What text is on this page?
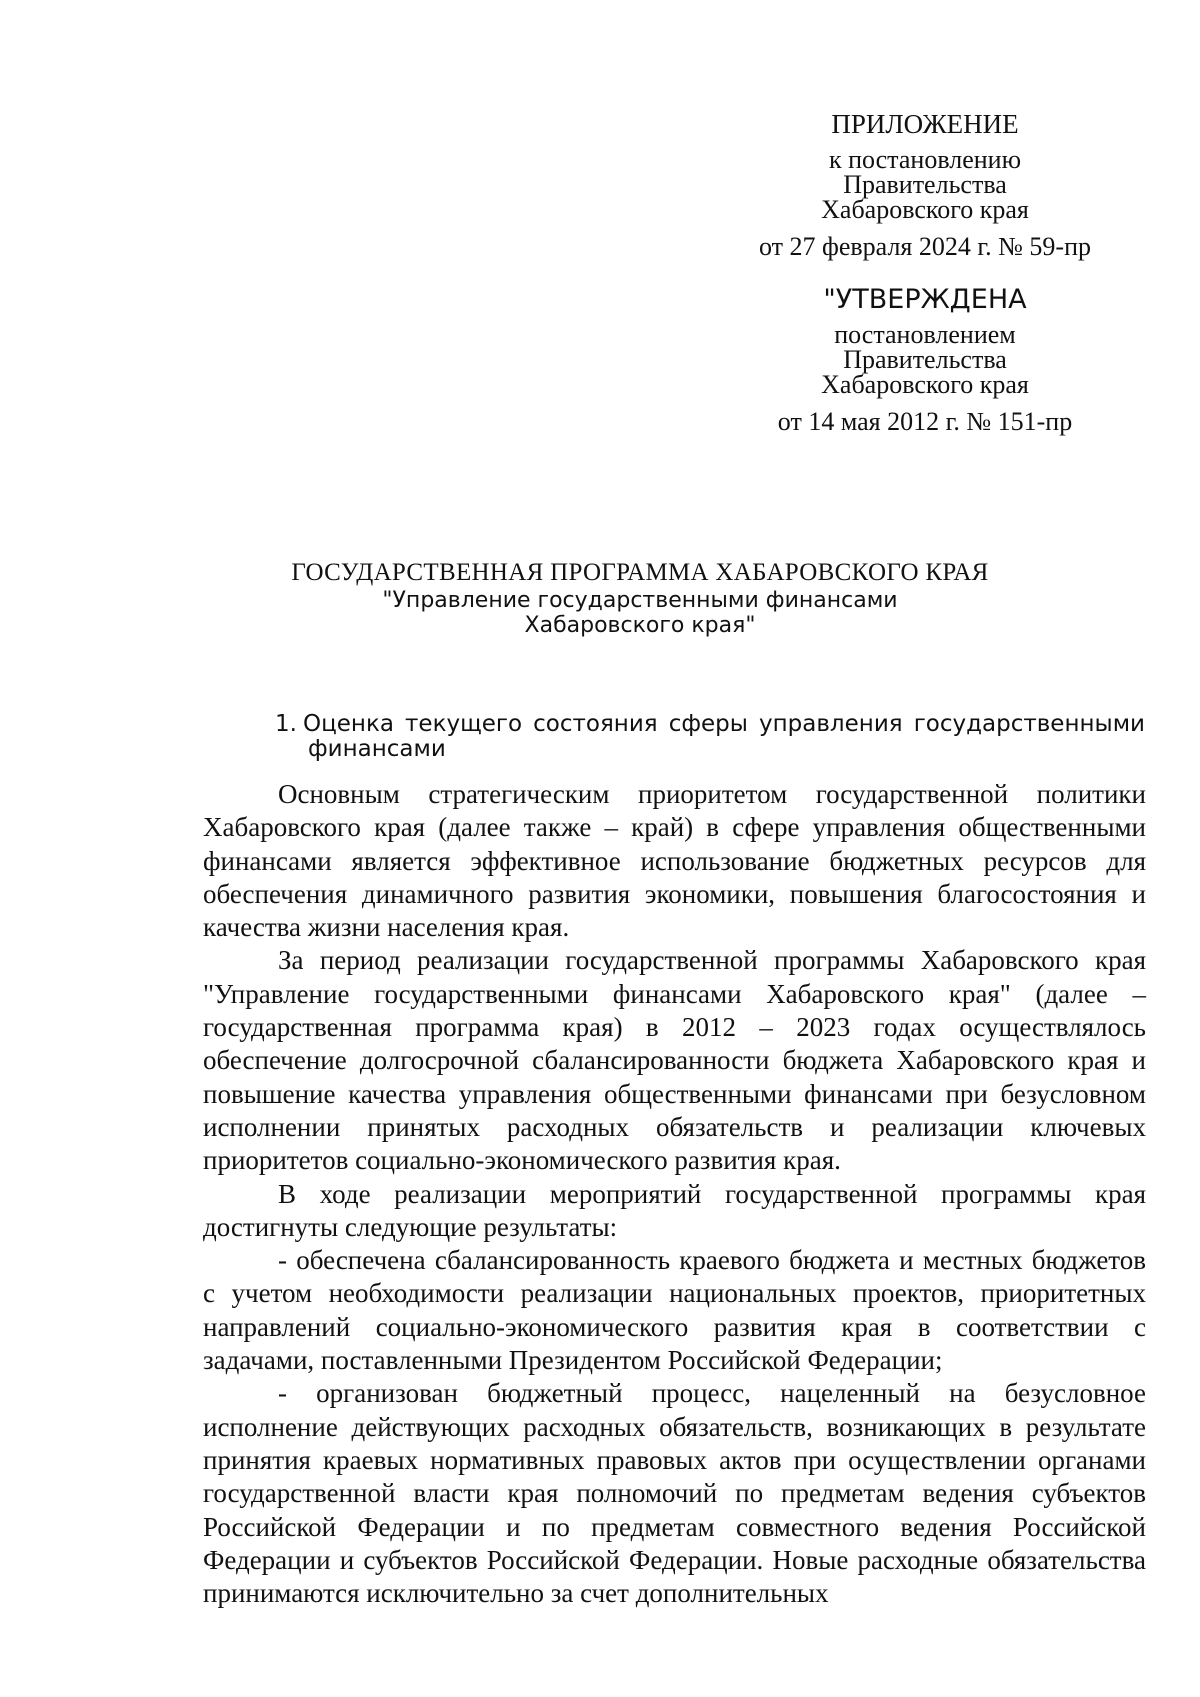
ПРИЛОЖЕНИЕ
к постановлению
Правительства
Хабаровского края
от 27 февраля 2024 г. № 59-пр
"УТВЕРЖДЕНА
постановлением
Правительства
Хабаровского края
от 14 мая 2012 г. № 151-пр
ГОСУДАРСТВЕННАЯ ПРОГРАММА ХАБАРОВСКОГО КРАЯ
"Управление государственными финансами
Хабаровского края"
1. Оценка текущего состояния сферы управления государственными
финансами

Основным стратегическим приоритетом государственной политики Хабаровского края (далее также – край) в сфере управления общественными финансами является эффективное использование бюджетных ресурсов для обеспечения динамичного развития экономики, повышения благосостояния и качества жизни населения края.

За период реализации государственной программы Хабаровского края "Управление государственными финансами Хабаровского края" (далее – государственная программа края) в 2012 – 2023 годах осуществлялось обеспечение долгосрочной сбалансированности бюджета Хабаровского края и повышение качества управления общественными финансами при безусловном исполнении принятых расходных обязательств и реализации ключевых приоритетов социально-экономического развития края.

В ходе реализации мероприятий государственной программы края достигнуты следующие результаты:

- обеспечена сбалансированность краевого бюджета и местных бюджетов с учетом необходимости реализации национальных проектов, приоритетных направлений социально-экономического развития края в соответствии с задачами, поставленными Президентом Российской Федерации;

- организован бюджетный процесс, нацеленный на безусловное исполнение действующих расходных обязательств, возникающих в результате принятия краевых нормативных правовых актов при осуществлении органами государственной власти края полномочий по предметам ведения субъектов Российской Федерации и по предметам совместного ведения Российской Федерации и субъектов Российской Федерации. Новые расходные обязательства принимаются исключительно за счет дополнительных
